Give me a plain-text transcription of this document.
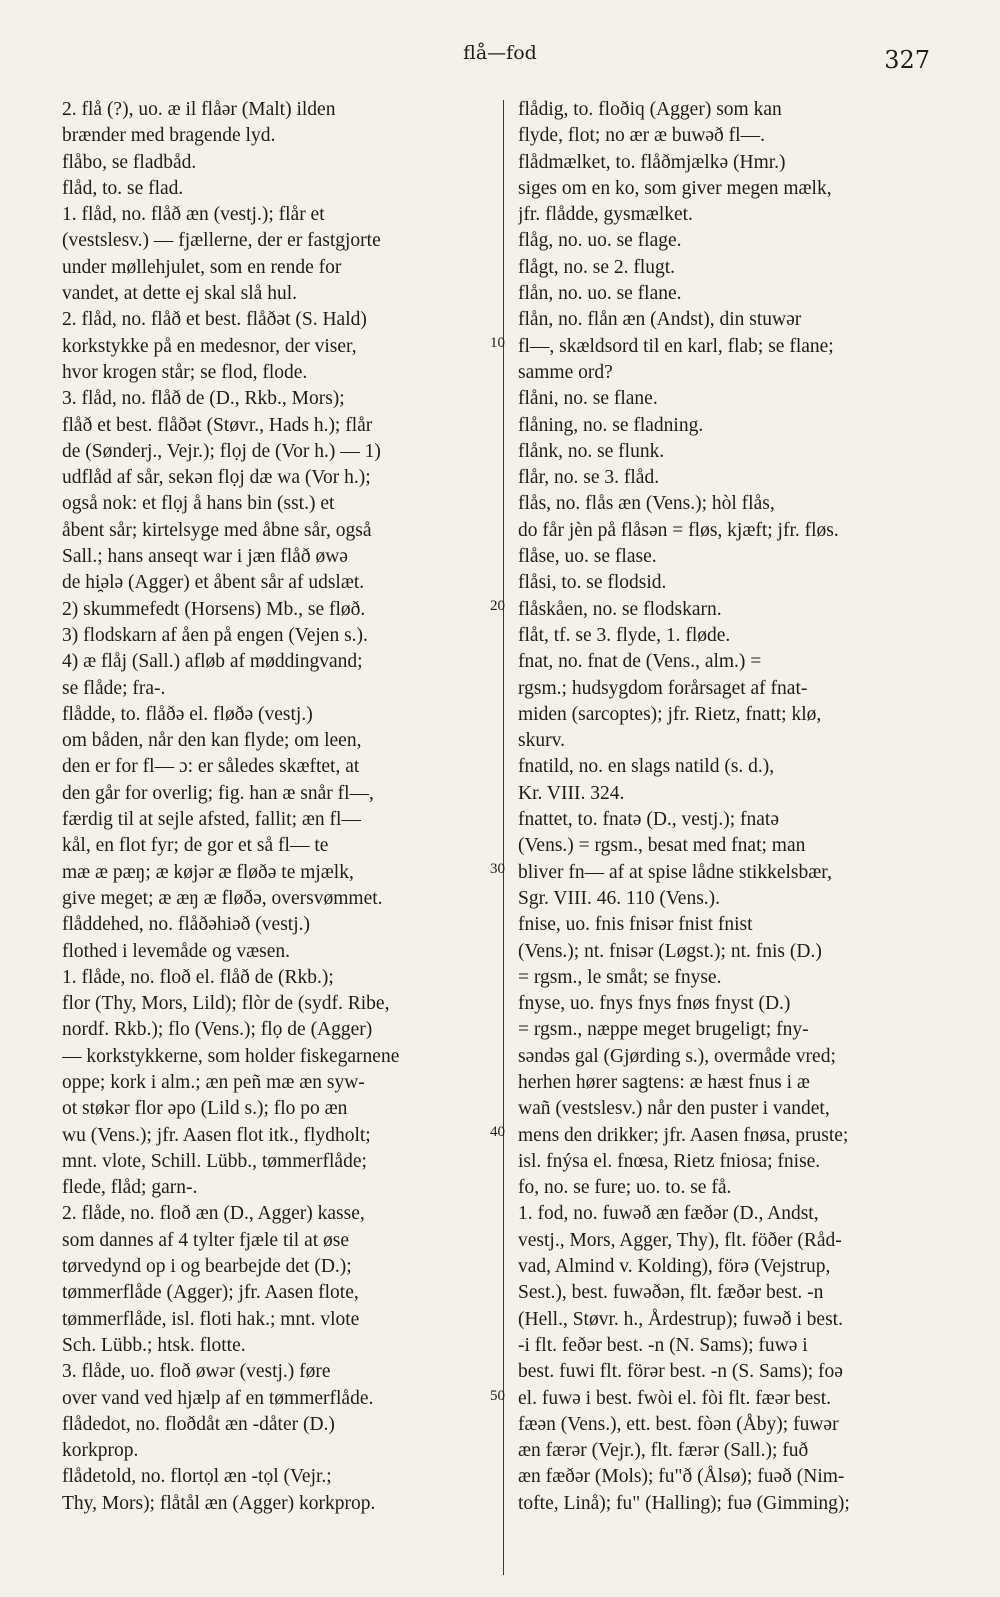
flå—fod	327
2. flå (?), uo. æ il flåər (Malt) ilden
brænder med bragende lyd.
flåbo, se fladbåd.
flåd, to. se flad.
1. flåd, no. flåð æn (vestj.); flår et
(vestslesv.) — fjællerne, der er fastgjorte
under møllehjulet, som en rende for
vandet, at dette ej skal slå hul.
2. flåd, no. flåð et best. flåðət (S. Hald)
korkstykke på en medesnor, der viser,
hvor krogen står; se flod, flode.
3. flåd, no. flåð de (D., Rkb., Mors);
flåð et best. flåðət (Støvr., Hads h.); flår
de (Sønderj., Vejr.); flọj de (Vor h.) — 1)
udflåd af sår, sekən flọj dæ wa (Vor h.);
også nok: et flọj å hans bin (sst.) et
åbent sår; kirtelsyge med åbne sår, også
Sall.; hans anseqt war i jæn flåð øwə
de hi̯ələ (Agger) et åbent sår af udslæt.
2) skummefedt (Horsens) Mb., se fløð.
3) flodskarn af åen på engen (Vejen s.).
4) æ flåj (Sall.) afløb af møddingvand;
se flåde; fra-.
flådde, to. flåðə el. fløðə (vestj.)
om båden, når den kan flyde; om leen,
den er for fl— ɔ: er således skæftet, at
den går for overlig; fig. han æ snår fl—,
færdig til at sejle afsted, fallit; æn fl—
kål, en flot fyr; de gor et så fl— te
mæ æ pæŋ; æ køjər æ fløðə te mjælk,
give meget; æ æŋ æ fløðə, oversvømmet.
flåddehed, no. flåðəhiəð (vestj.)
flothed i levemåde og væsen.
1. flåde, no. floð el. flåð de (Rkb.);
flor (Thy, Mors, Lild); flòr de (sydf. Ribe,
nordf. Rkb.); flo (Vens.); flọ de (Agger)
— korkstykkerne, som holder fiskegarnene
oppe; kork i alm.; æn peñ mæ æn syw-
ot støkər flor əpo (Lild s.); flo po æn
wu (Vens.); jfr. Aasen flot itk., flydholt;
mnt. vlote, Schill. Lübb., tømmerflåde;
flede, flåd; garn-.
2. flåde, no. floð æn (D., Agger) kasse,
som dannes af 4 tylter fjæle til at øse
tørvedynd op i og bearbejde det (D.);
tømmerflåde (Agger); jfr. Aasen flote,
tømmerflåde, isl. floti hak.; mnt. vlote
Sch. Lübb.; htsk. flotte.
3. flåde, uo. floð øwər (vestj.) føre
over vand ved hjælp af en tømmerflåde.
flådedot, no. floðdåt æn -dåter (D.)
korkprop.
flådetold, no. flortọl æn -tọl (Vejr.;
Thy, Mors); flåtål æn (Agger) korkprop.
flådig, to. floðiq (Agger) som kan
flyde, flot; no ær æ buwəð fl—.
flådmælket, to. flåðmjælkə (Hmr.)
siges om en ko, som giver megen mælk,
jfr. flådde, gysmælket.
flåg, no. uo. se flage.
flågt, no. se 2. flugt.
flån, no. uo. se flane.
flån, no. flån æn (Andst), din stuwər
fl—, skældsord til en karl, flab; se flane;
samme ord?
flåni, no. se flane.
flåning, no. se fladning.
flånk, no. se flunk.
flår, no. se 3. flåd.
flås, no. flås æn (Vens.); hòl flås,
do får jèn på flåsən = fløs, kjæft; jfr. fløs.
flåse, uo. se flase.
flåsi, to. se flodsid.
flåskåen, no. se flodskarn.
flåt, tf. se 3. flyde, 1. fløde.
fnat, no. fnat de (Vens., alm.) =
rgsm.; hudsygdom forårsaget af fnat-
miden (sarcoptes); jfr. Rietz, fnatt; klø,
skurv.
fnatild, no. en slags natild (s. d.),
Kr. VIII. 324.
fnattet, to. fnatə (D., vestj.); fnatə
(Vens.) = rgsm., besat med fnat; man
bliver fn— af at spise lådne stikkelsbær,
Sgr. VIII. 46. 110 (Vens.).
fnise, uo. fnis fnisər fnist fnist
(Vens.); nt. fnisər (Løgst.); nt. fnis (D.)
= rgsm., le småt; se fnyse.
fnyse, uo. fnys fnys fnøs fnyst (D.)
= rgsm., næppe meget brugeligt; fny-
səndəs gal (Gjørding s.), overmåde vred;
herhen hører sagtens: æ hæst fnus i æ
wañ (vestslesv.) når den puster i vandet,
mens den drikker; jfr. Aasen fnøsa, pruste;
isl. fnýsa el. fnœsa, Rietz fniosa; fnise.
fo, no. se fure; uo. to. se få.
1. fod, no. fuwəð æn fæðər (D., Andst,
vestj., Mors, Agger, Thy), flt. föðer (Råd-
vad, Almind v. Kolding), förə (Vejstrup,
Sest.), best. fuwəðən, flt. fæðər best. -n
(Hell., Støvr. h., Årdestrup); fuwəð i best.
-i flt. feðər best. -n (N. Sams); fuwə i
best. fuwi flt. förər best. -n (S. Sams); foə
el. fuwə i best. fwòi el. fòi flt. fæər best.
fæən (Vens.), ett. best. fòən (Åby); fuwər
æn færər (Vejr.), flt. færər (Sall.); fuð
æn fæðər (Mols); fu"ð (Ålsø); fuəð (Nim-
tofte, Linå); fu" (Halling); fuə (Gimming);
10
20
30
40
50
